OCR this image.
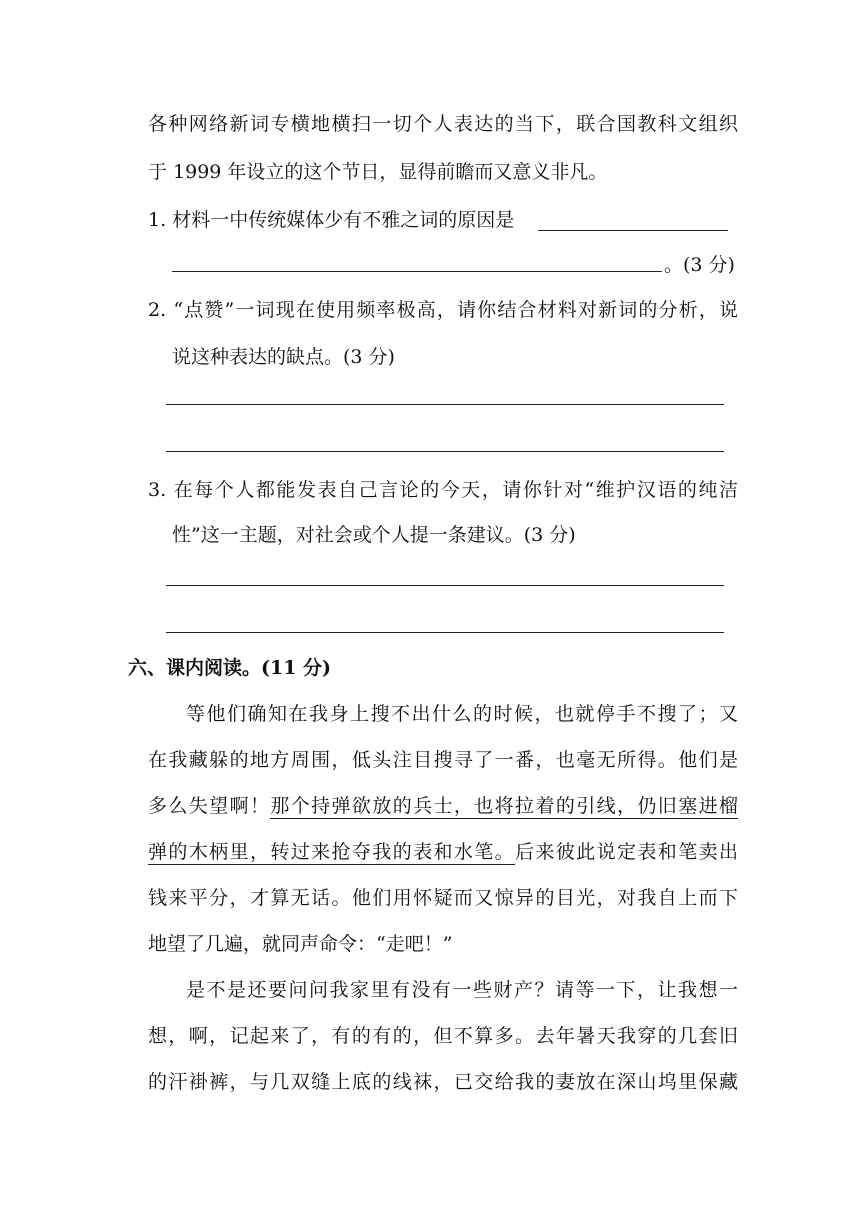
各种网络新词专横地横扫一切个人表达的当下，联合国教科文组织
于 1999 年设立的这个节日，显得前瞻而又意义非凡。
1. 材料一中传统媒体少有不雅之词的原因是
。(3 分)
2. “点赞”一词现在使用频率极高，请你结合材料对新词的分析，说
说这种表达的缺点。(3 分)
3. 在每个人都能发表自己言论的今天，请你针对“维护汉语的纯洁
性”这一主题，对社会或个人提一条建议。(3 分)
六、课内阅读。(11 分)
等他们确知在我身上搜不出什么的时候，也就停手不搜了；又
在我藏躲的地方周围，低头注目搜寻了一番，也毫无所得。他们是
多么失望啊！那个持弹欲放的兵士，也将拉着的引线，仍旧塞进榴
弹的木柄里，转过来抢夺我的表和水笔。后来彼此说定表和笔卖出
钱来平分，才算无话。他们用怀疑而又惊异的目光，对我自上而下
地望了几遍，就同声命令：“走吧！”
是不是还要问问我家里有没有一些财产？请等一下，让我想一
想，啊，记起来了，有的有的，但不算多。去年暑天我穿的几套旧
的汗褂裤，与几双缝上底的线袜，已交给我的妻放在深山坞里保藏
